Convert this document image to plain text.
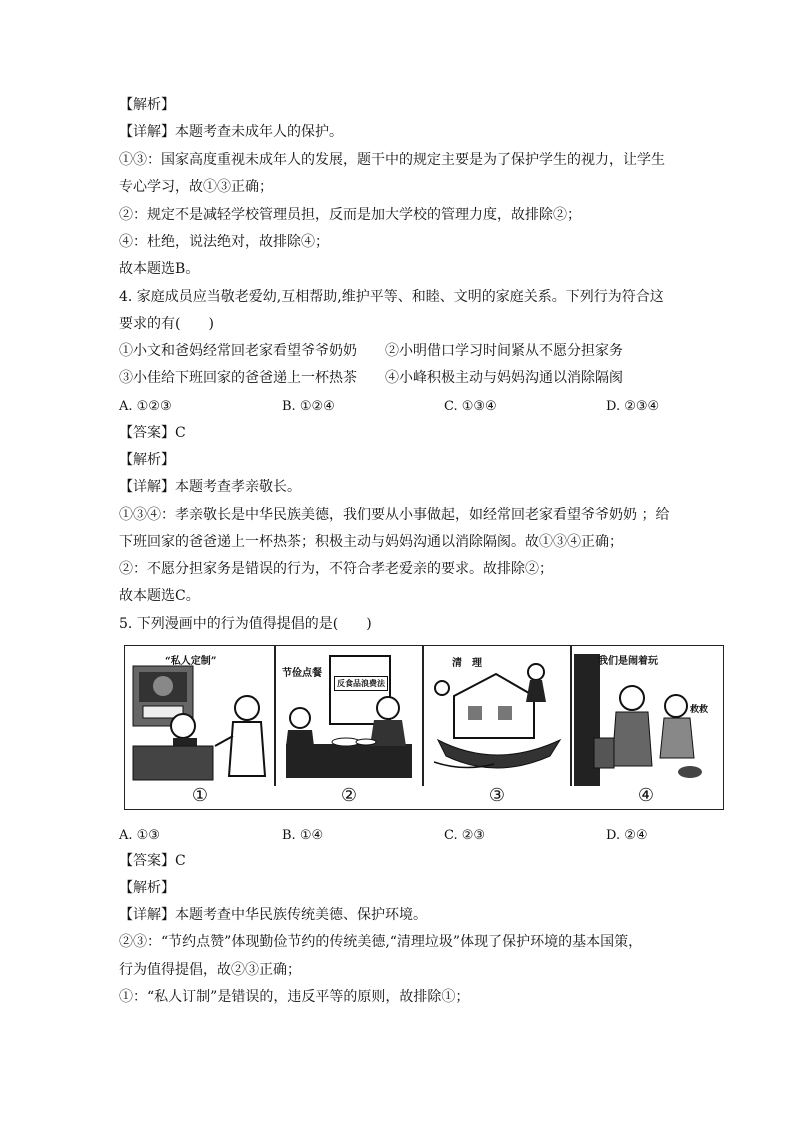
【解析】
【详解】本题考查未成年人的保护。
①③：国家高度重视未成年人的发展，题干中的规定主要是为了保护学生的视力，让学生
专心学习，故①③正确；
②：规定不是减轻学校管理员担，反而是加大学校的管理力度，故排除②；
④：杜绝，说法绝对，故排除④；
故本题选B。
4. 家庭成员应当敬老爱幼,互相帮助,维护平等、和睦、文明的家庭关系。下列行为符合这
要求的有(　　)
①小文和爸妈经常回老家看望爷爷奶奶　　②小明借口学习时间紧从不愿分担家务
③小佳给下班回家的爸爸递上一杯热茶　　④小峰积极主动与妈妈沟通以消除隔阂
A. ①②③	B. ①②④	C. ①③④	D. ②③④
【答案】C
【解析】
【详解】本题考查孝亲敬长。
①③④：孝亲敬长是中华民族美德，我们要从小事做起，如经常回老家看望爷爷奶奶 ；给
下班回家的爸爸递上一杯热茶；积极主动与妈妈沟通以消除隔阂。故①③④正确；
②：不愿分担家务是错误的行为，不符合孝老爱亲的要求。故排除②；
故本题选C。
5. 下列漫画中的行为值得提倡的是(　　)
“私人定制”
节俭点餐
反食品浪费法
清　理	我们是闹着玩
救救
①	②	③	④
A. ①③	B. ①④	C. ②③	D. ②④
【答案】C
【解析】
【详解】本题考查中华民族传统美德、保护环境。
②③：“节约点赞”体现勤俭节约的传统美德,“清理垃圾”体现了保护环境的基本国策，
行为值得提倡，故②③正确；
①：“私人订制”是错误的，违反平等的原则，故排除①；
